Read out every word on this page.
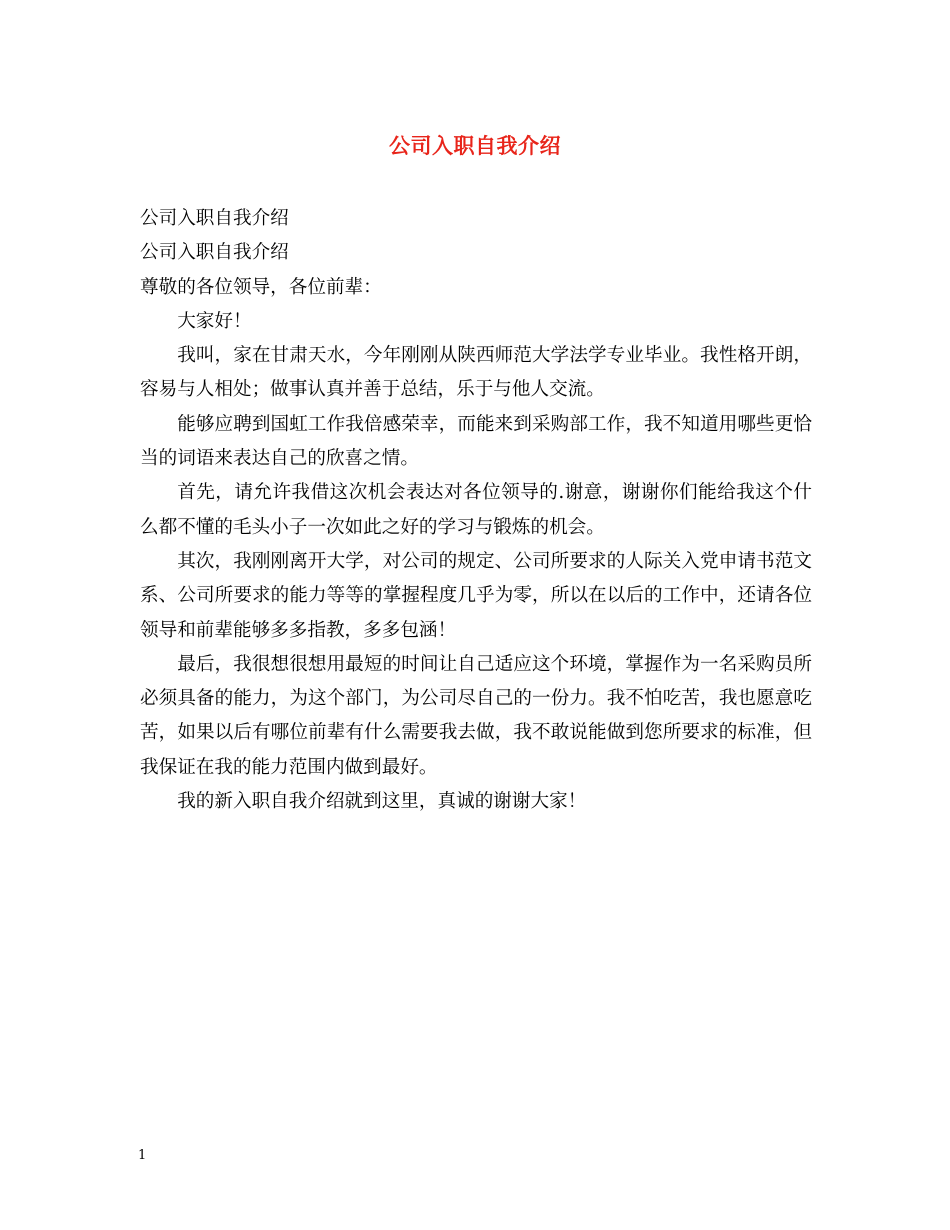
公司入职自我介绍

公司入职自我介绍

公司入职自我介绍

尊敬的各位领导，各位前辈：

大家好！

我叫，家在甘肃天水，今年刚刚从陕西师范大学法学专业毕业。我性格开朗，容易与人相处；做事认真并善于总结，乐于与他人交流。

能够应聘到国虹工作我倍感荣幸，而能来到采购部工作，我不知道用哪些更恰当的词语来表达自己的欣喜之情。

首先，请允许我借这次机会表达对各位领导的.谢意，谢谢你们能给我这个什么都不懂的毛头小子一次如此之好的学习与锻炼的机会。

其次，我刚刚离开大学，对公司的规定、公司所要求的人际关入党申请书范文系、公司所要求的能力等等的掌握程度几乎为零，所以在以后的工作中，还请各位领导和前辈能够多多指教，多多包涵！

最后，我很想很想用最短的时间让自己适应这个环境，掌握作为一名采购员所必须具备的能力，为这个部门，为公司尽自己的一份力。我不怕吃苦，我也愿意吃苦，如果以后有哪位前辈有什么需要我去做，我不敢说能做到您所要求的标准，但我保证在我的能力范围内做到最好。

我的新入职自我介绍就到这里，真诚的谢谢大家！

1
